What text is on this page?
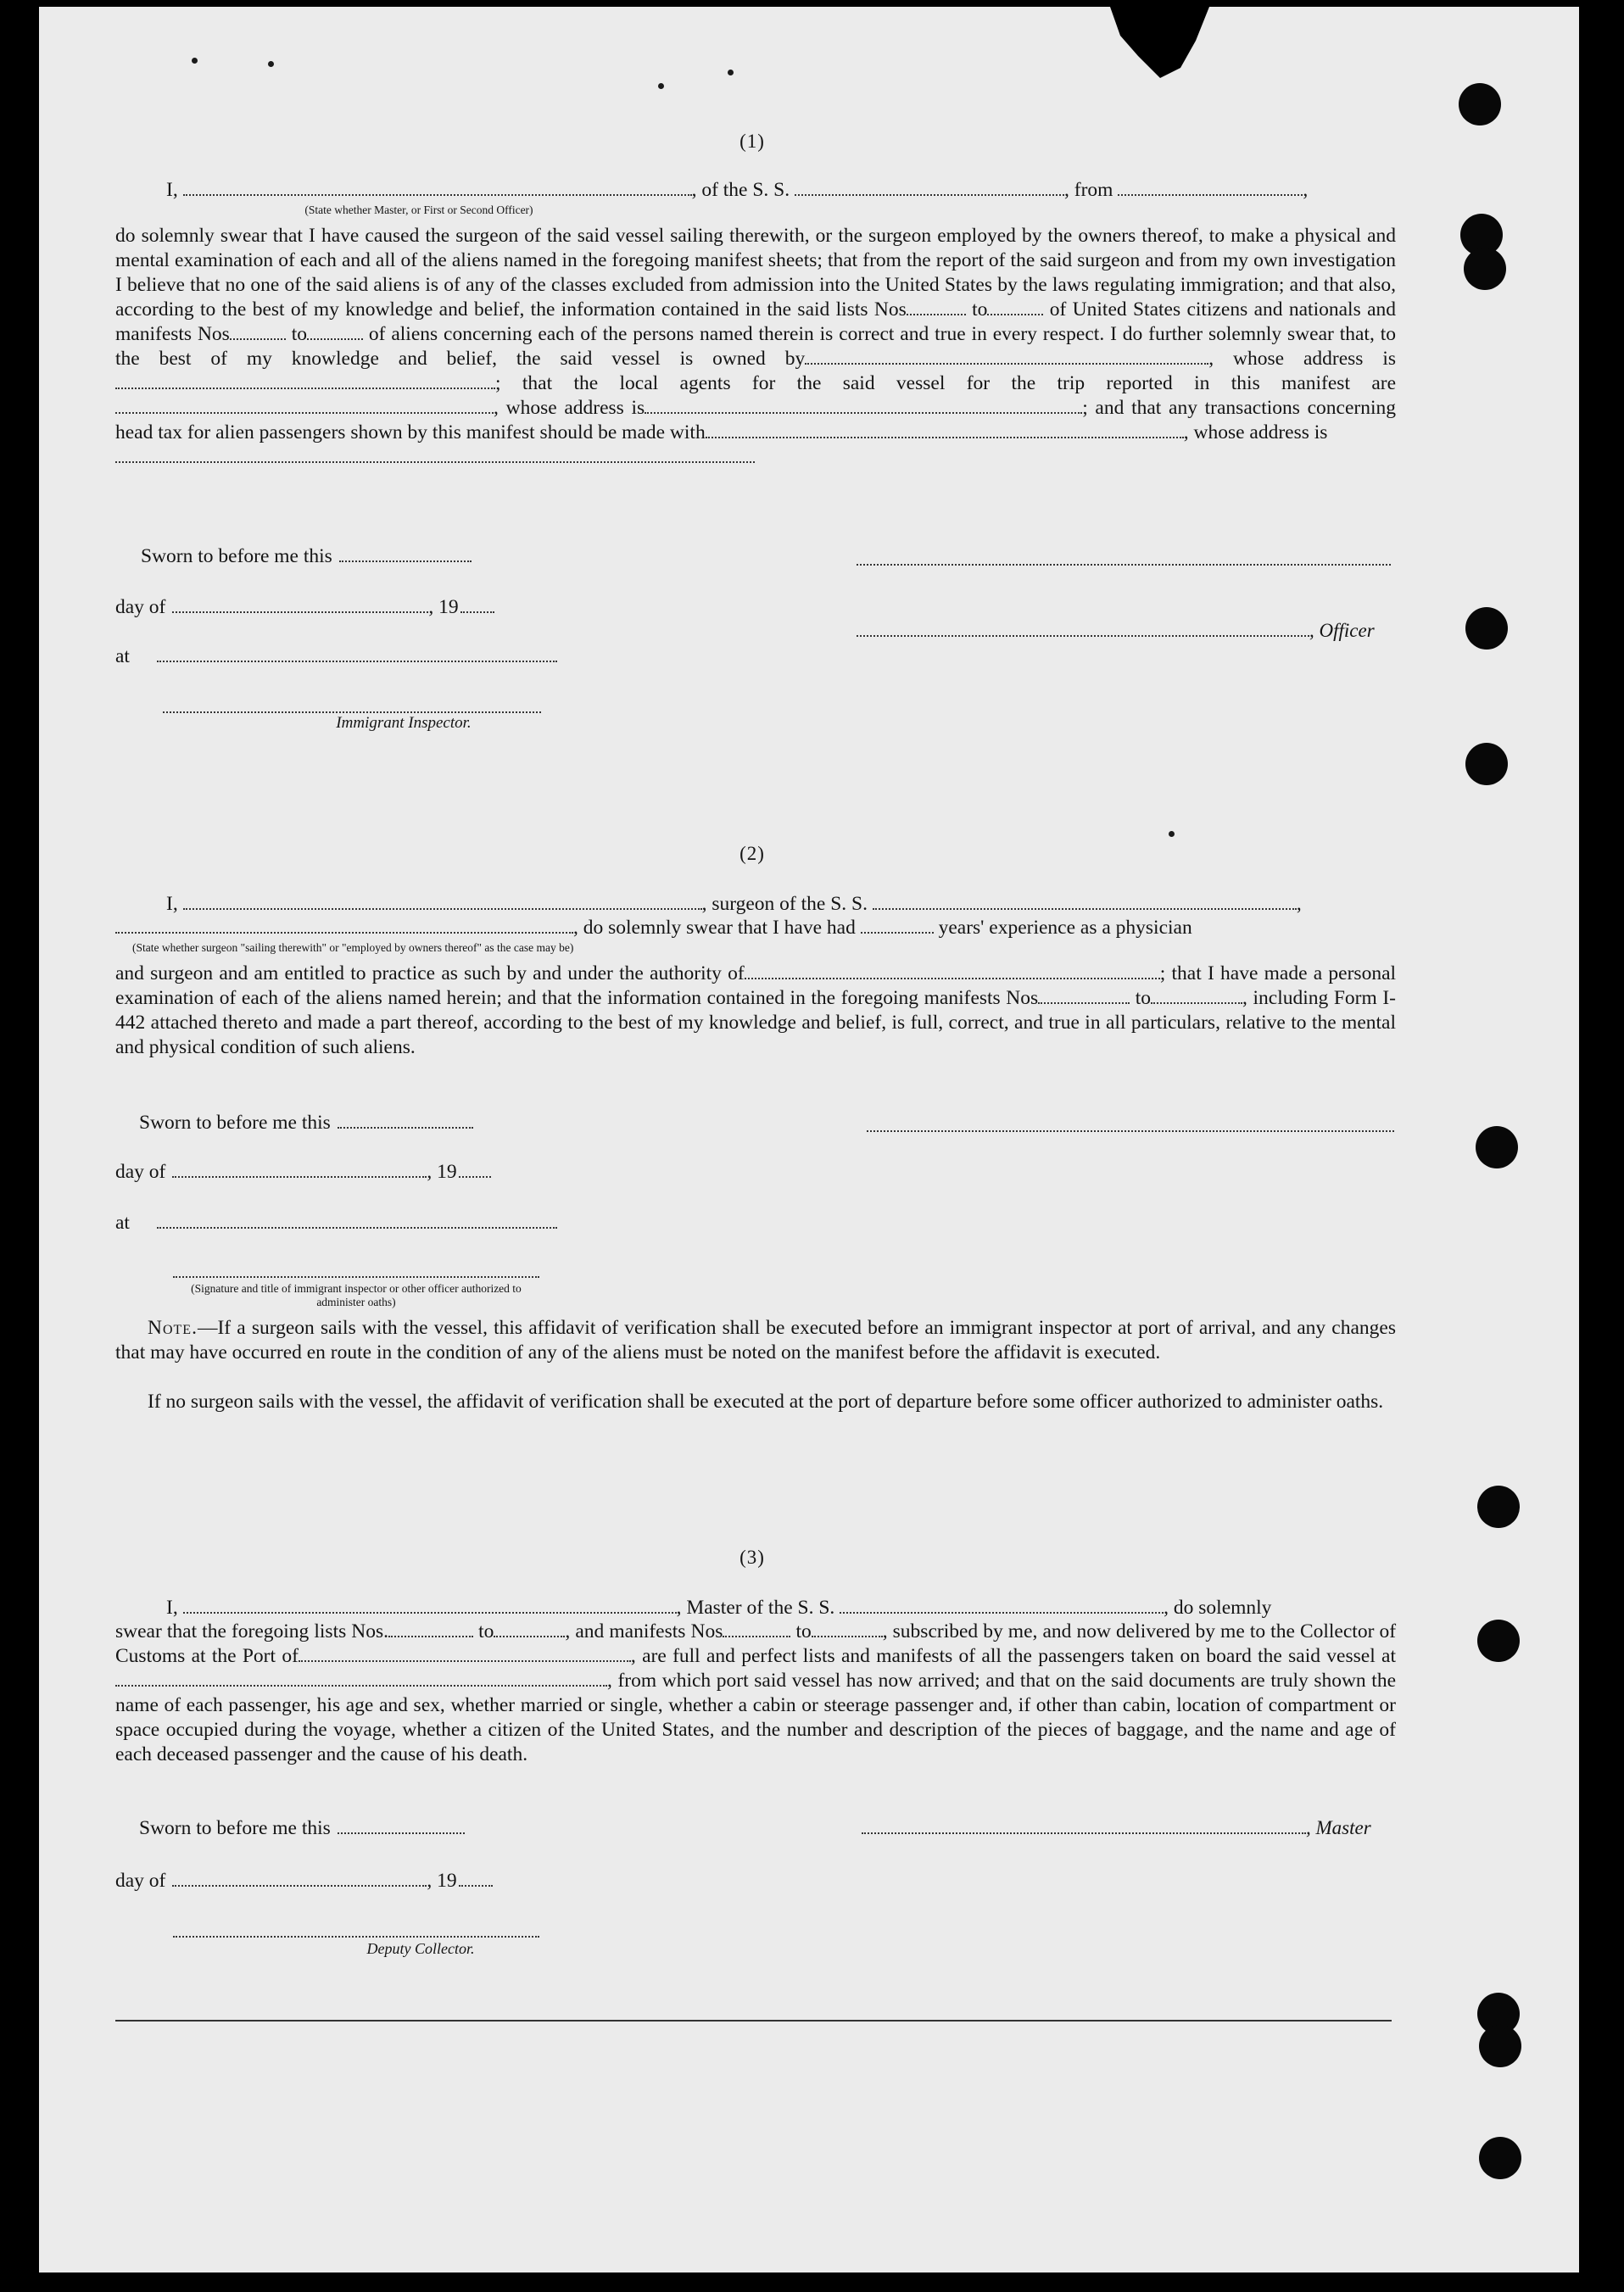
(1)
I,	, of the S. S.	, from	,
(State whether Master, or First or Second Officer)

do solemnly swear that I have caused the surgeon of the said vessel sailing therewith, or the surgeon employed by the owners thereof, to make a physical and mental examination of each and all of the aliens named in the foregoing manifest sheets; that from the report of the said surgeon and from my own investigation I believe that no one of the said aliens is of any of the classes excluded from admission into the United States by the laws regulating immigration; and that also, according to the best of my knowledge and belief, the information contained in the said lists Nos	to	of United States citizens and nationals and manifests Nos	to	of aliens concerning each of the persons named therein is correct and true in every respect. I do further solemnly swear that, to the best of my knowledge and belief, the said vessel is owned by	, whose address is; that the local agents for the said vessel for the trip reported in this manifest are, whose address is	; and that any transactions concerning head tax for alien passengers shown by this manifest should be made with	, whose address is

Sworn to before me this
day of	, 19
, Officer
at
Immigrant Inspector.
(2)
I,	, surgeon of the S. S.	,
, do solemnly swear that I have had	years' experience as a physician
(State whether surgeon "sailing therewith" or "employed by owners thereof" as the case may be)

and surgeon and am entitled to practice as such by and under the authority of	; that I have made a personal examination of each of the aliens named herein; and that the information contained in the foregoing manifests Nos	to	, including Form I-442 attached thereto and made a part thereof, according to the best of my knowledge and belief, is full, correct, and true in all particulars, relative to the mental and physical condition of such aliens.

Sworn to before me this
day of	, 19
at
(Signature and title of immigrant inspector or other officer authorized to administer oaths)

Note.—If a surgeon sails with the vessel, this affidavit of verification shall be executed before an immigrant inspector at port of arrival, and any changes that may have occurred en route in the condition of any of the aliens must be noted on the manifest before the affidavit is executed.

If no surgeon sails with the vessel, the affidavit of verification shall be executed at the port of departure before some officer authorized to administer oaths.

(3)
I,	, Master of the S. S.	, do solemnly

swear that the foregoing lists Nos.	to	, and manifests Nos	to	, subscribed by me, and now delivered by me to the Collector of Customs at the Port of	, are full and perfect lists and manifests of all the passengers taken on board the said vessel at, from which port said vessel has now arrived; and that on the said documents are truly shown the name of each passenger, his age and sex, whether married or single, whether a cabin or steerage passenger and, if other than cabin, location of compartment or space occupied during the voyage, whether a citizen of the United States, and the number and description of the pieces of baggage, and the name and age of each deceased passenger and the cause of his death.

Sworn to before me this	, Master
day of	, 19
Deputy Collector.
